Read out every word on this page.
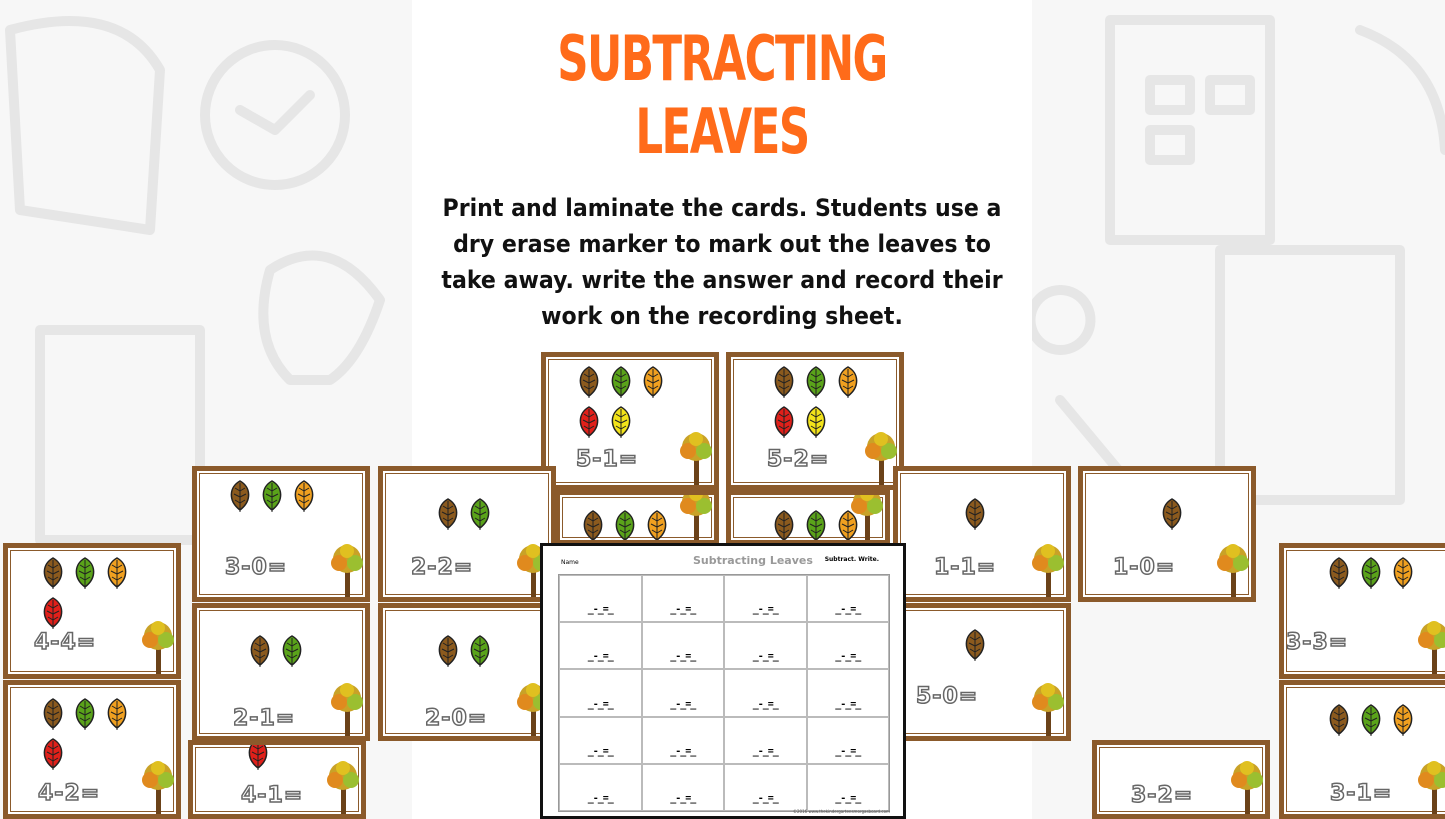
SUBTRACTING LEAVES

Print and laminate the cards. Students use a dry erase marker to mark out the leaves to take away. write the answer and record their work on the recording sheet.

5-1=	5-2=
3-0=	2-2=	1-1=	1-0=
4-4=
2-1=	2-0=
5-0=
3-3=
4-2=	4-1=	3-2=	3-1=
Name	Subtracting Leaves Subtract. Write.
_-_=_	_-_=_	_-_=_	_-_=_
_-_=_	_-_=_	_-_=_	_-_=_
_-_=_	_-_=_	_-_=_	_-_=_
_-_=_	_-_=_	_-_=_	_-_=_
_-_=_	_-_=_	_-_=_	_-_=_
©2016 www.thekindergartensmorgasboard.com
